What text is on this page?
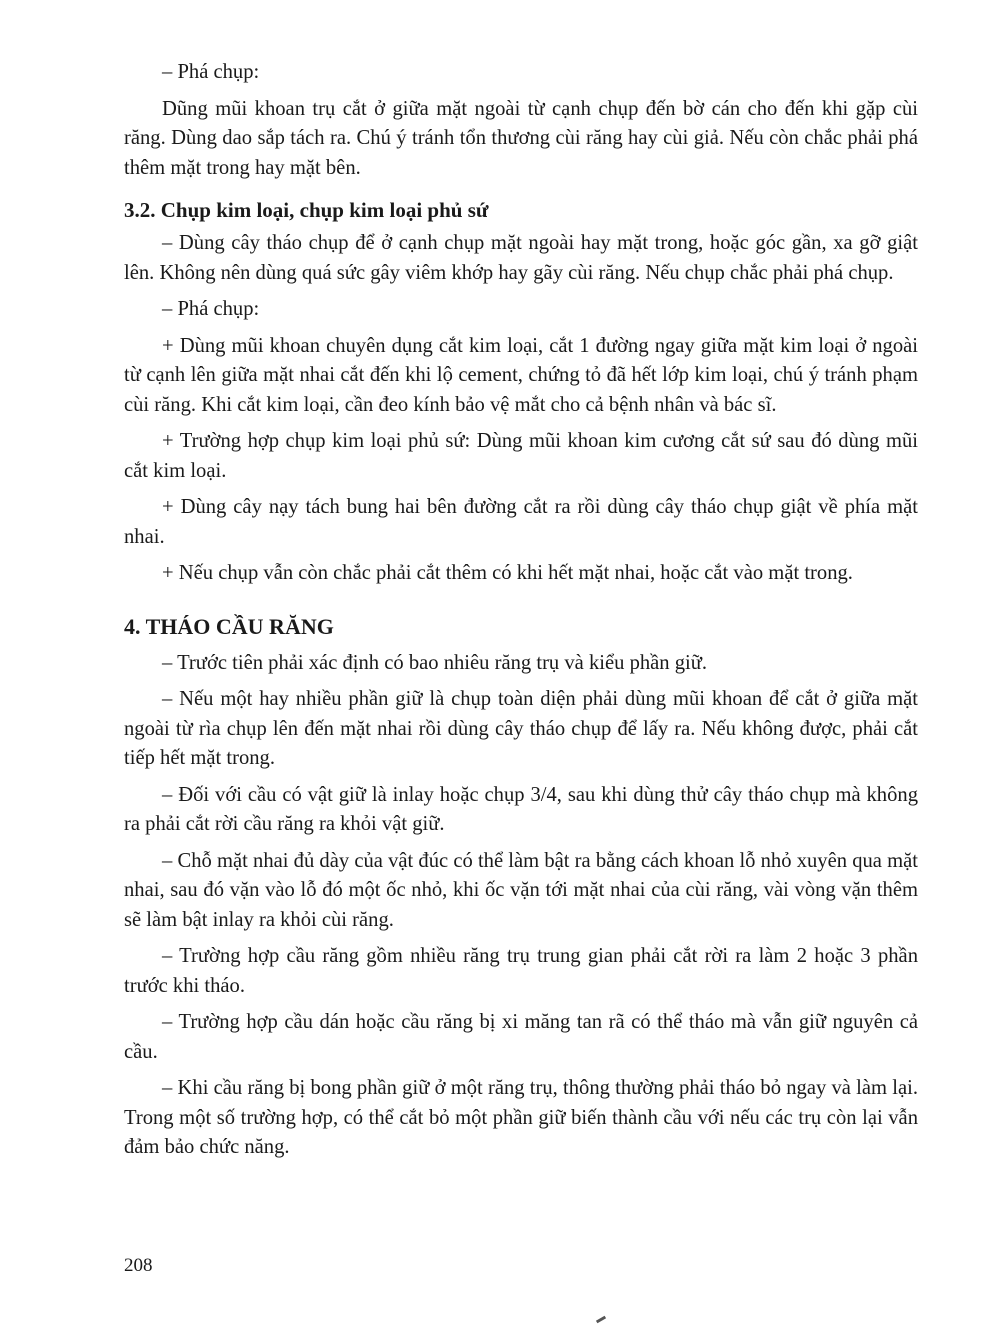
– Phá chụp:

Dũng mũi khoan trụ cắt ở giữa mặt ngoài từ cạnh chụp đến bờ cán cho đến khi gặp cùi răng. Dùng dao sắp tách ra. Chú ý tránh tổn thương cùi răng hay cùi giả. Nếu còn chắc phải phá thêm mặt trong hay mặt bên.

3.2. Chụp kim loại, chụp kim loại phủ sứ

– Dùng cây tháo chụp để ở cạnh chụp mặt ngoài hay mặt trong, hoặc góc gần, xa gỡ giật lên. Không nên dùng quá sức gây viêm khớp hay gãy cùi răng. Nếu chụp chắc phải phá chụp.

– Phá chụp:

+ Dùng mũi khoan chuyên dụng cắt kim loại, cắt 1 đường ngay giữa mặt kim loại ở ngoài từ cạnh lên giữa mặt nhai cắt đến khi lộ cement, chứng tỏ đã hết lớp kim loại, chú ý tránh phạm cùi răng. Khi cắt kim loại, cần đeo kính bảo vệ mắt cho cả bệnh nhân và bác sĩ.

+ Trường hợp chụp kim loại phủ sứ: Dùng mũi khoan kim cương cắt sứ sau đó dùng mũi cắt kim loại.

+ Dùng cây nạy tách bung hai bên đường cắt ra rồi dùng cây tháo chụp giật về phía mặt nhai.

+ Nếu chụp vẫn còn chắc phải cắt thêm có khi hết mặt nhai, hoặc cắt vào mặt trong.

4. THÁO CẦU RĂNG

– Trước tiên phải xác định có bao nhiêu răng trụ và kiểu phần giữ.

– Nếu một hay nhiều phần giữ là chụp toàn diện phải dùng mũi khoan để cắt ở giữa mặt ngoài từ rìa chụp lên đến mặt nhai rồi dùng cây tháo chụp để lấy ra. Nếu không được, phải cắt tiếp hết mặt trong.

– Đối với cầu có vật giữ là inlay hoặc chụp 3/4, sau khi dùng thử cây tháo chụp mà không ra phải cắt rời cầu răng ra khỏi vật giữ.

– Chỗ mặt nhai đủ dày của vật đúc có thể làm bật ra bằng cách khoan lỗ nhỏ xuyên qua mặt nhai, sau đó vặn vào lỗ đó một ốc nhỏ, khi ốc vặn tới mặt nhai của cùi răng, vài vòng vặn thêm sẽ làm bật inlay ra khỏi cùi răng.

– Trường hợp cầu răng gồm nhiều răng trụ trung gian phải cắt rời ra làm 2 hoặc 3 phần trước khi tháo.

– Trường hợp cầu dán hoặc cầu răng bị xi măng tan rã có thể tháo mà vẫn giữ nguyên cả cầu.

– Khi cầu răng bị bong phần giữ ở một răng trụ, thông thường phải tháo bỏ ngay và làm lại. Trong một số trường hợp, có thể cắt bỏ một phần giữ biến thành cầu với nếu các trụ còn lại vẫn đảm bảo chức năng.

208
